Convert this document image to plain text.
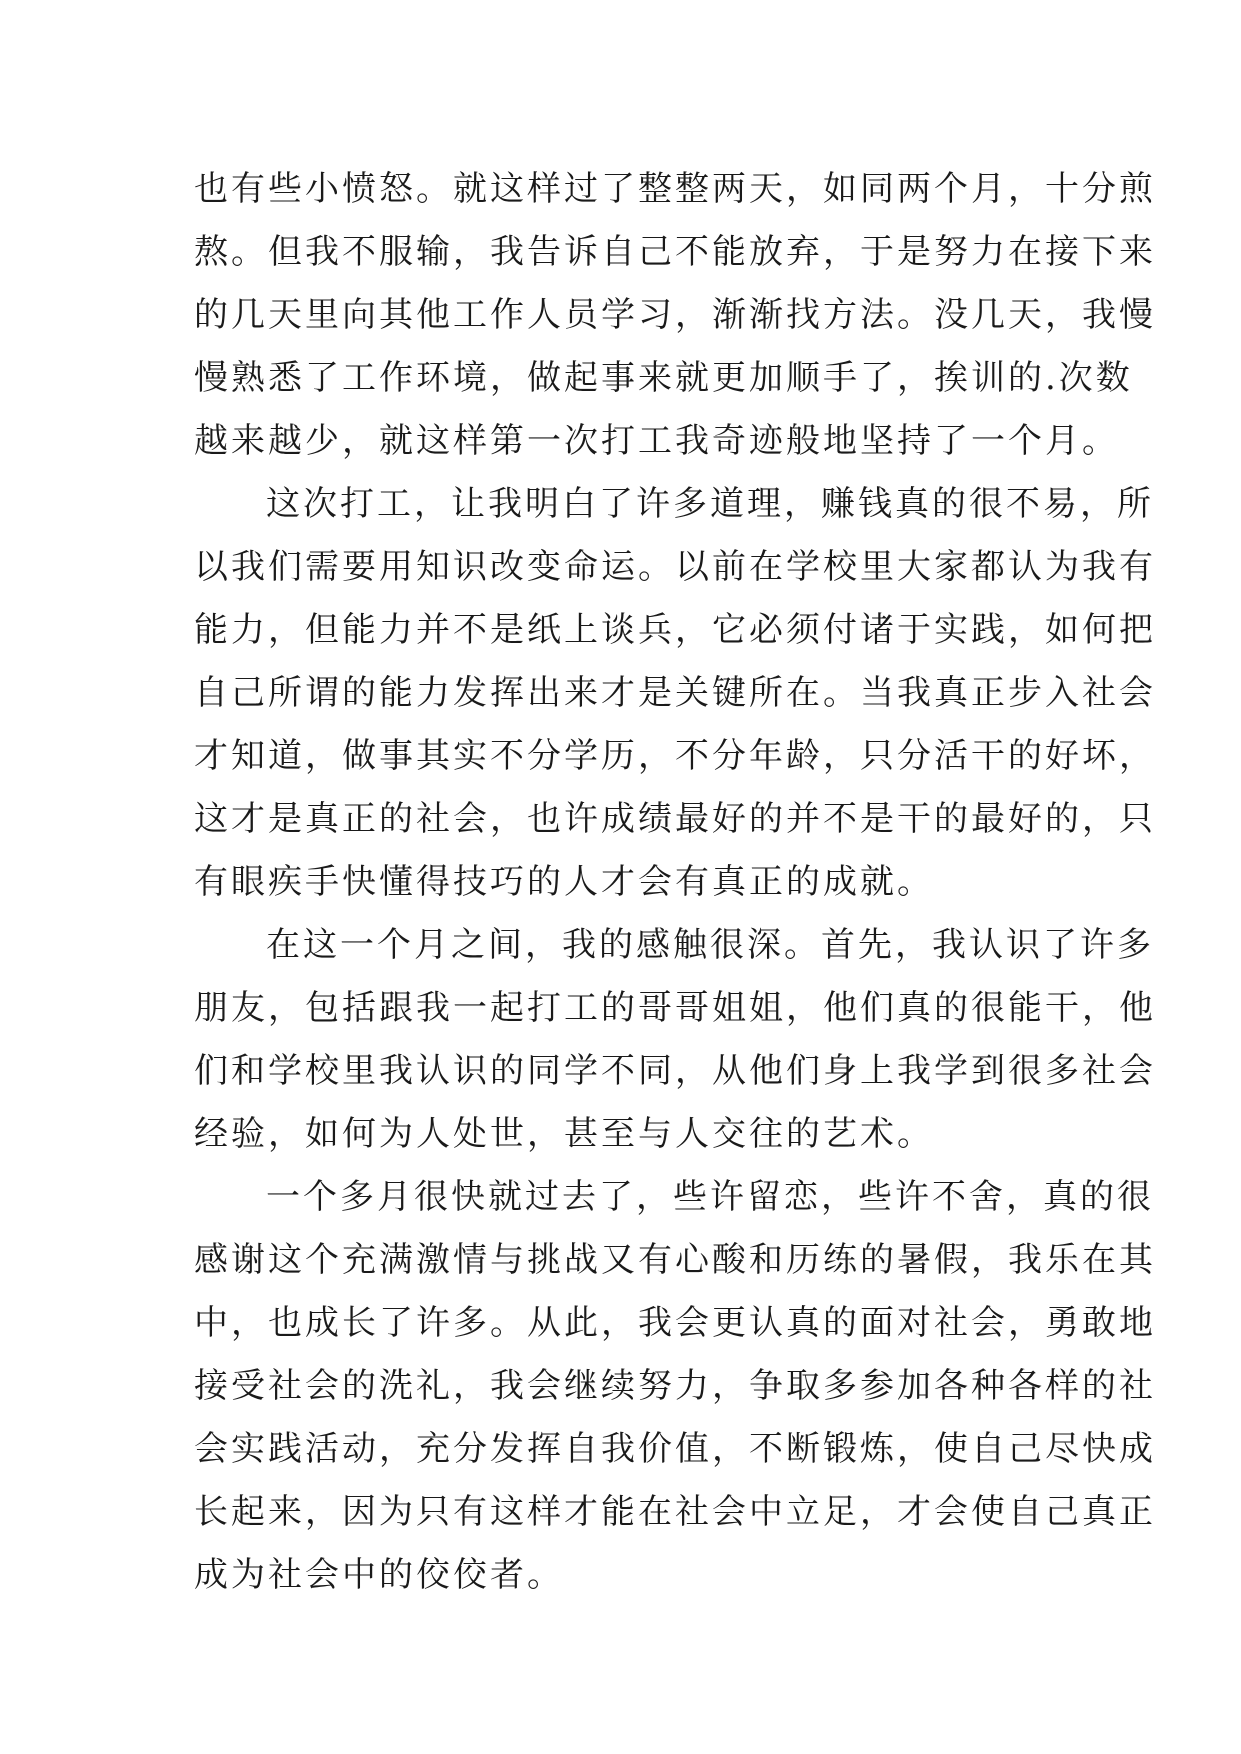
也有些小愤怒。就这样过了整整两天，如同两个月，十分煎
熬。但我不服输，我告诉自己不能放弃，于是努力在接下来
的几天里向其他工作人员学习，渐渐找方法。没几天，我慢
慢熟悉了工作环境，做起事来就更加顺手了，挨训的.次数
越来越少，就这样第一次打工我奇迹般地坚持了一个月。
这次打工，让我明白了许多道理，赚钱真的很不易，所
以我们需要用知识改变命运。以前在学校里大家都认为我有
能力，但能力并不是纸上谈兵，它必须付诸于实践，如何把
自己所谓的能力发挥出来才是关键所在。当我真正步入社会
才知道，做事其实不分学历，不分年龄，只分活干的好坏，
这才是真正的社会，也许成绩最好的并不是干的最好的，只
有眼疾手快懂得技巧的人才会有真正的成就。
在这一个月之间，我的感触很深。首先，我认识了许多
朋友，包括跟我一起打工的哥哥姐姐，他们真的很能干，他
们和学校里我认识的同学不同，从他们身上我学到很多社会
经验，如何为人处世，甚至与人交往的艺术。
一个多月很快就过去了，些许留恋，些许不舍，真的很
感谢这个充满激情与挑战又有心酸和历练的暑假，我乐在其
中，也成长了许多。从此，我会更认真的面对社会，勇敢地
接受社会的洗礼，我会继续努力，争取多参加各种各样的社
会实践活动，充分发挥自我价值，不断锻炼，使自己尽快成
长起来，因为只有这样才能在社会中立足，才会使自己真正
成为社会中的佼佼者。
